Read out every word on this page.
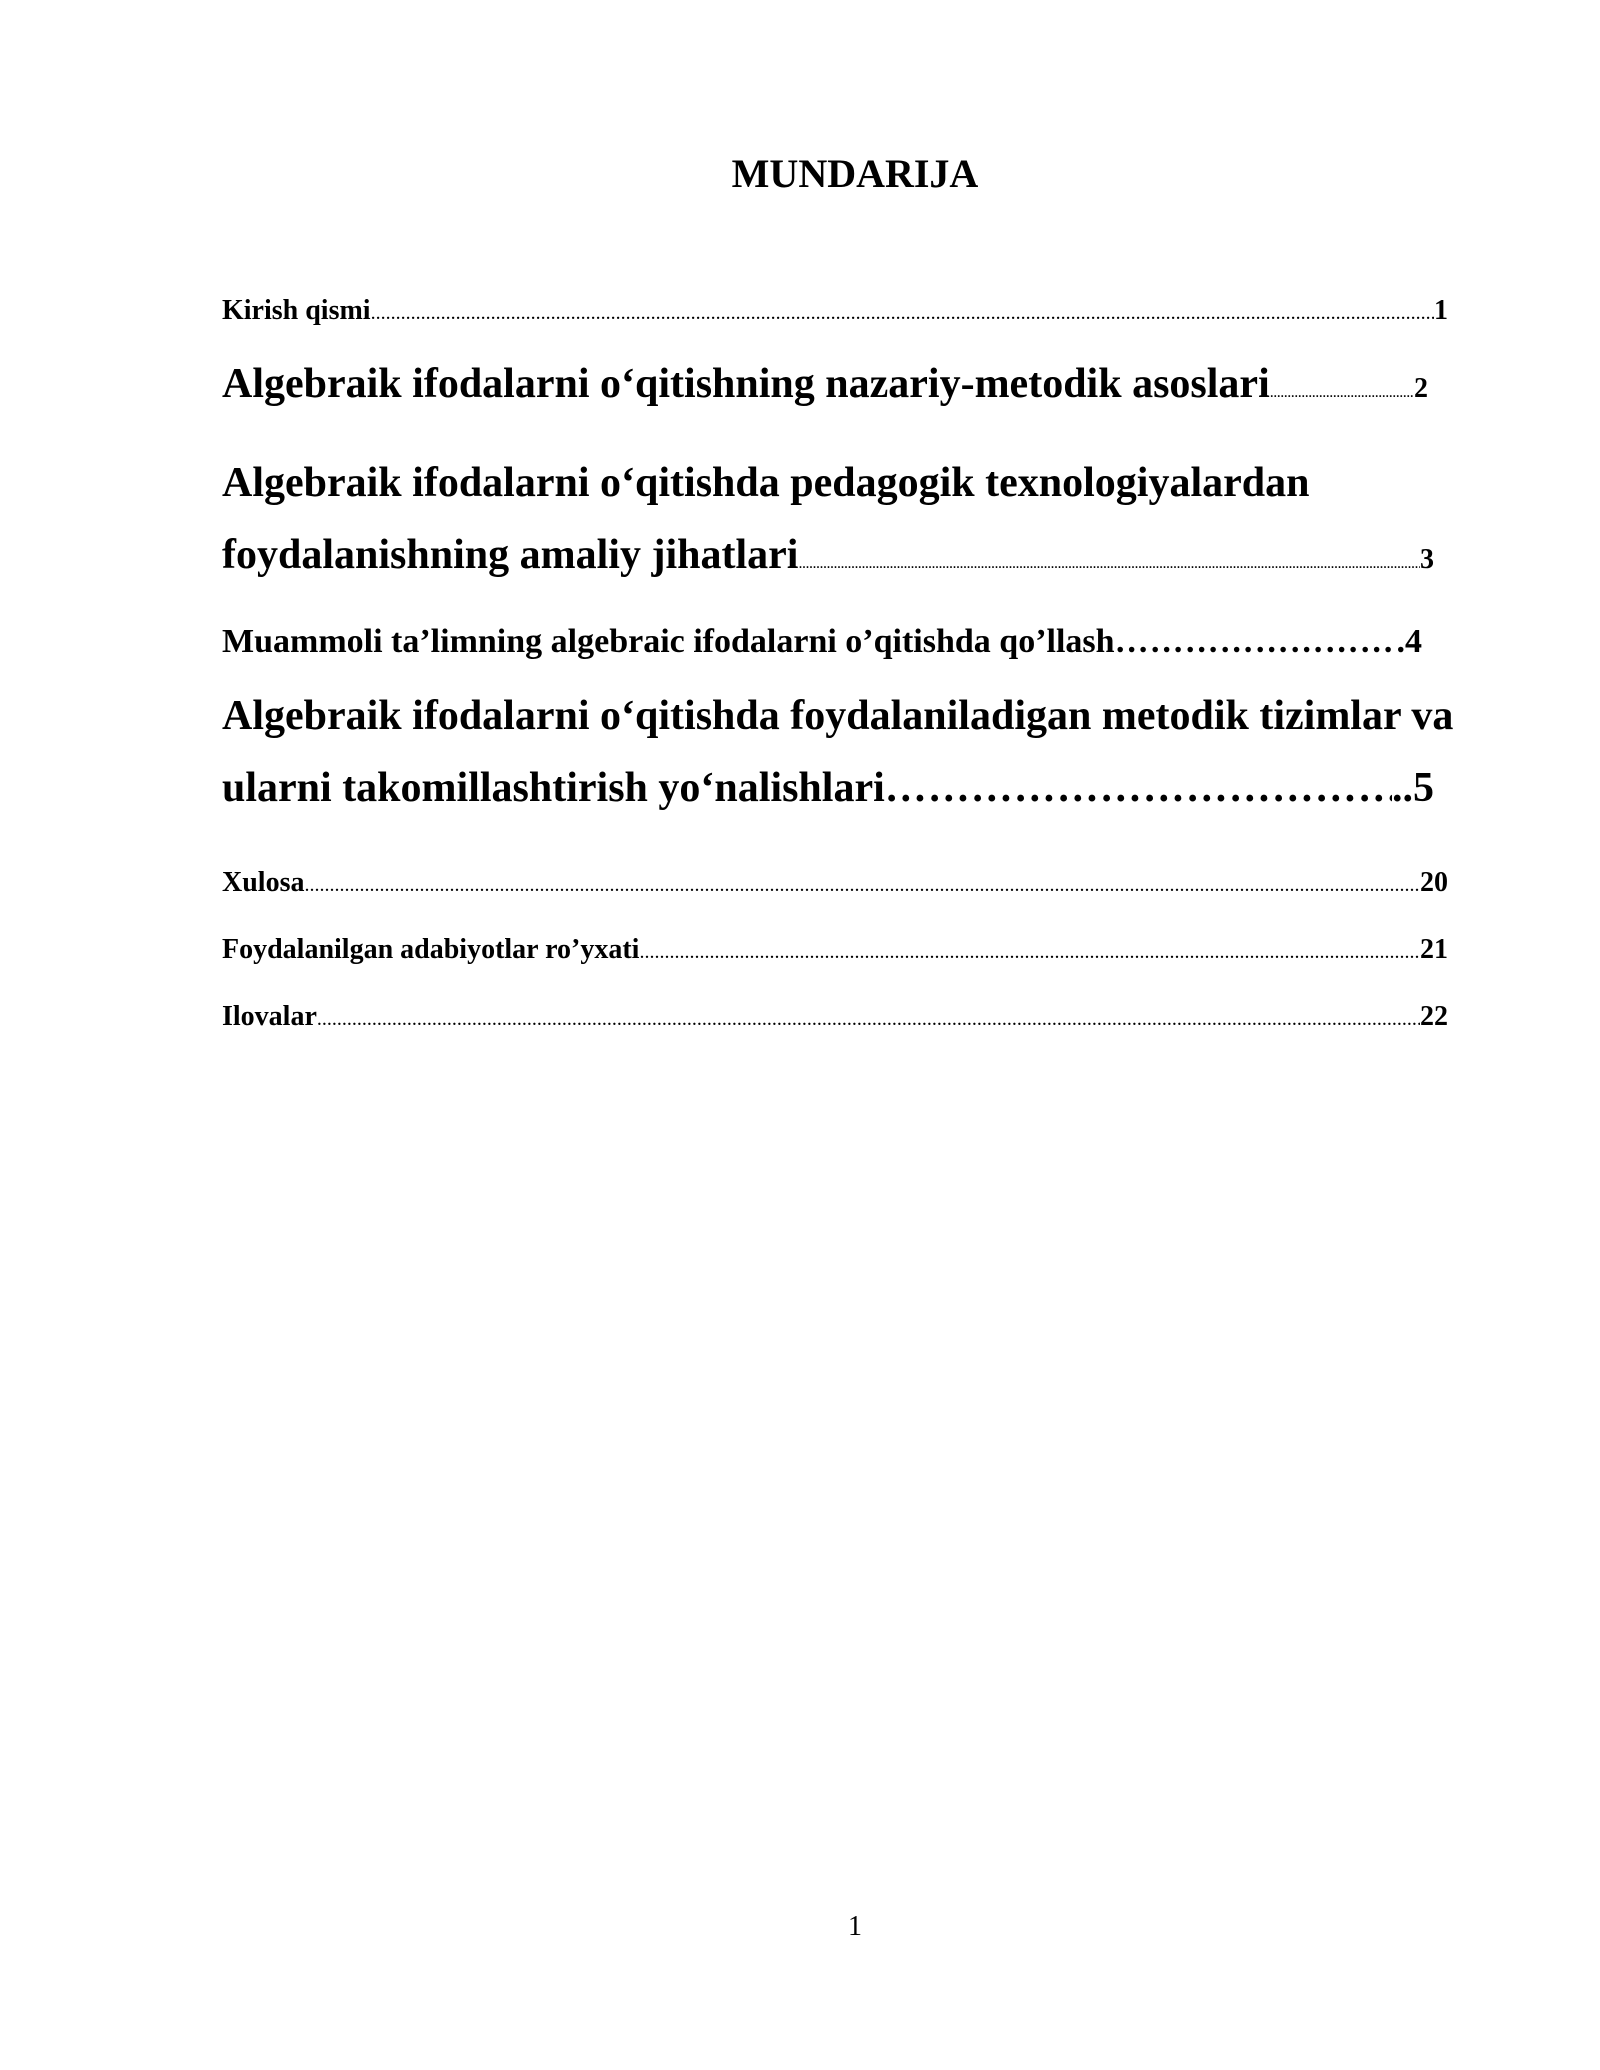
MUNDARIJA
Kirish qismi .....	1
Algebraik ifodalarni o‘qitishning nazariy-metodik asoslari .....	2
Algebraik ifodalarni o‘qitishda pedagogik texnologiyalardan
foydalanishning amaliy jihatlari .....	3
Muammoli ta’limning algebraic ifodalarni o’qitishda qo’llash ………………………………………………………………………………………………	.4
Algebraik ifodalarni o‘qitishda foydalaniladigan metodik tizimlar va
ularni takomillashtirish yo‘nalishlari ……………………………….……..……………………………………………	..5
Xulosa .....	20
Foydalanilgan adabiyotlar ro’yxati .....	21
Ilovalar .....	22
1
